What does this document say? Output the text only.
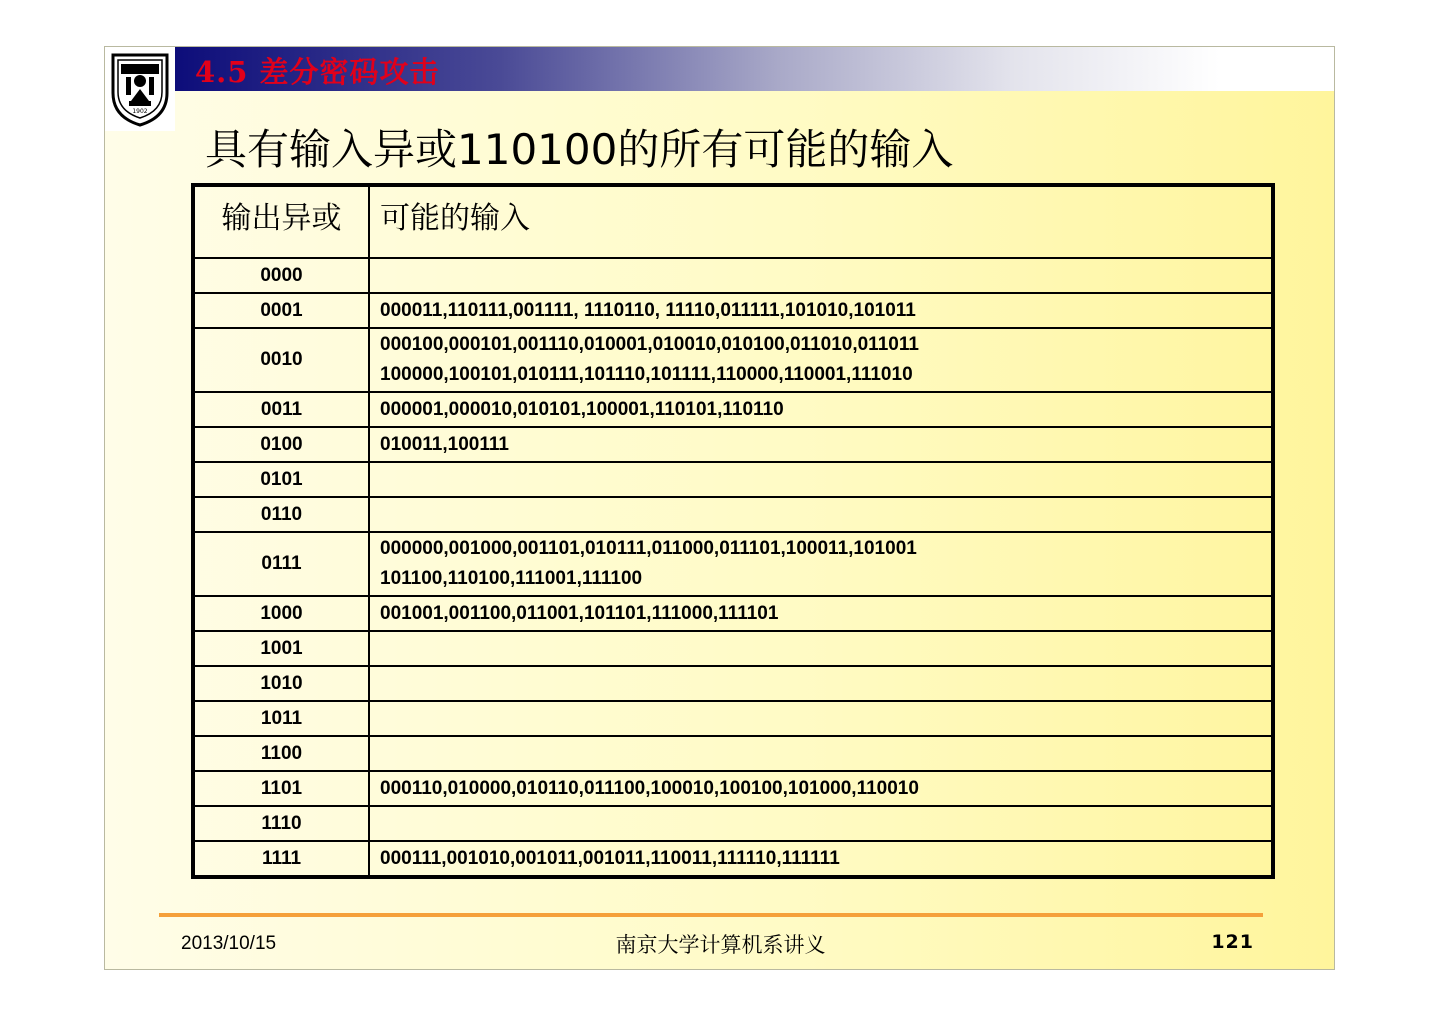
1902
4.5 差分密码攻击
具有输入异或110100的所有可能的输入
输出异或	可能的输入
0000	

0001	000011,110111,001111, 1110110, 11110,011111,101010,101011

0010	000100,000101,001110,010001,010010,010100,011010,011011
100000,100101,010111,101110,101111,110000,110001,111010

0011	000001,000010,010101,100001,110101,110110

0100	010011,100111

0101	

0110	

0111	000000,001000,001101,010111,011000,011101,100011,101001
101100,110100,111001,111100

1000	001001,001100,011001,101101,111000,111101

1001	

1010	

1011	

1100	

1101	000110,010000,010110,011100,100010,100100,101000,110010

1110	

1111	000111,001010,001011,001011,110011,111110,111111
2013/10/15	南京大学计算机系讲义	121
